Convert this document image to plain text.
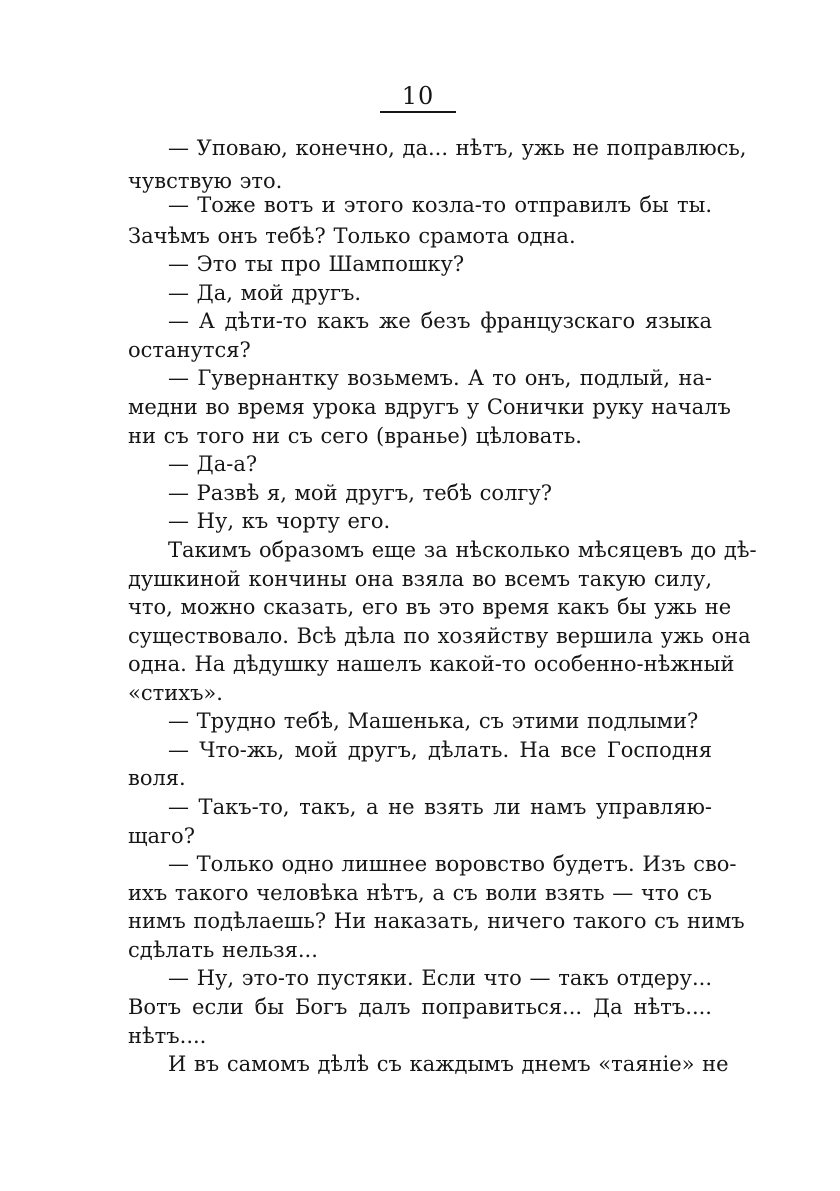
10
— Уповаю, конечно, да... нѣтъ, ужь не поправлюсь,
чувствую это.
— Тоже вотъ и этого козла-то отправилъ бы ты.
Зачѣмъ онъ тебѣ? Только срамота одна.
— Это ты про Шампошку?
— Да, мой другъ.
— А дѣти-то какъ же безъ французскаго языка
останутся?
— Гувернантку возьмемъ. А то онъ, подлый, на-
медни во время урока вдругъ у Сонички руку началъ
ни съ того ни съ сего (вранье) цѣловать.
— Да-а?
— Развѣ я, мой другъ, тебѣ солгу?
— Ну, къ чорту его.
Такимъ образомъ еще за нѣсколько мѣсяцевъ до дѣ-
душкиной кончины она взяла во всемъ такую силу,
что, можно сказать, его въ это время какъ бы ужь не
существовало. Всѣ дѣла по хозяйству вершила ужь она
одна. На дѣдушку нашелъ какой-то особенно-нѣжный
«стихъ».
— Трудно тебѣ, Машенька, съ этими подлыми?
— Что-жь, мой другъ, дѣлать. На все Господня
воля.
— Такъ-то, такъ, а не взять ли намъ управляю-
щаго?
— Только одно лишнее воровство будетъ. Изъ сво-
ихъ такого человѣка нѣтъ, а съ воли взять — что съ
нимъ подѣлаешь? Ни наказать, ничего такого съ нимъ
сдѣлать нельзя...
— Ну, это-то пустяки. Если что — такъ отдеру...
Вотъ если бы Богъ далъ поправиться... Да нѣтъ....
нѣтъ....
И въ самомъ дѣлѣ съ каждымъ днемъ «таяніе» не
